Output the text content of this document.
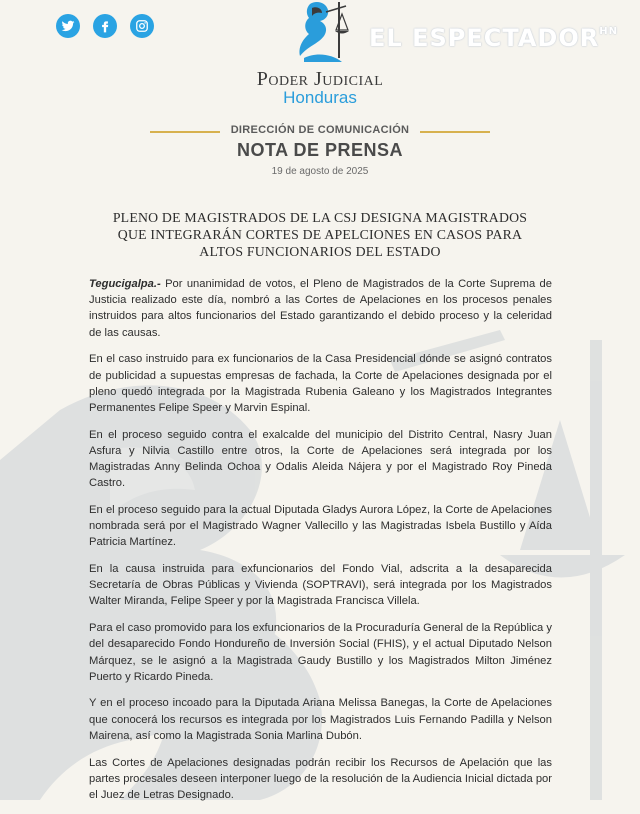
EL $ESPECTADOR^{HN}$
Poder Judicial
Honduras
DIRECCIÓN DE COMUNICACIÓN
NOTA DE PRENSA
19 de agosto de 2025
PLENO DE MAGISTRADOS DE LA CSJ DESIGNA MAGISTRADOS
QUE INTEGRARÁN CORTES DE APELCIONES EN CASOS PARA
ALTOS FUNCIONARIOS DEL ESTADO

Tegucigalpa.- Por unanimidad de votos, el Pleno de Magistrados de la Corte Suprema de Justicia realizado este día, nombró a las Cortes de Apelaciones en los procesos penales instruidos para altos funcionarios del Estado garantizando el debido proceso y la celeridad de las causas.

En el caso instruido para ex funcionarios de la Casa Presidencial dónde se asignó contratos de publicidad a supuestas empresas de fachada, la Corte de Apelaciones designada por el pleno quedó integrada por la Magistrada Rubenia Galeano y los Magistrados Integrantes Permanentes Felipe Speer y Marvin Espinal.

En el proceso seguido contra el exalcalde del municipio del Distrito Central, Nasry Juan Asfura y Nilvia Castillo entre otros, la Corte de Apelaciones será integrada por los Magistradas Anny Belinda Ochoa y Odalis Aleida Nájera y por el Magistrado Roy Pineda Castro.

En el proceso seguido para la actual Diputada Gladys Aurora López, la Corte de Apelaciones nombrada será por el Magistrado Wagner Vallecillo y las Magistradas Isbela Bustillo y Aída Patricia Martínez.

En la causa instruida para exfuncionarios del Fondo Vial, adscrita a la desaparecida Secretaría de Obras Públicas y Vivienda (SOPTRAVI), será integrada por los Magistrados Walter Miranda, Felipe Speer y por la Magistrada Francisca Villela.

Para el caso promovido para los exfuncionarios de la Procuraduría General de la República y del desaparecido Fondo Hondureño de Inversión Social (FHIS), y el actual Diputado Nelson Márquez, se le asignó a la Magistrada Gaudy Bustillo y los Magistrados Milton Jiménez Puerto y Ricardo Pineda.

Y en el proceso incoado para la Diputada Ariana Melissa Banegas, la Corte de Apelaciones que conocerá los recursos es integrada por los Magistrados Luis Fernando Padilla y Nelson Mairena, así como la Magistrada Sonia Marlina Dubón.

Las Cortes de Apelaciones designadas podrán recibir los Recursos de Apelación que las partes procesales deseen interponer luego de la resolución de la Audiencia Inicial dictada por el Juez de Letras Designado.
